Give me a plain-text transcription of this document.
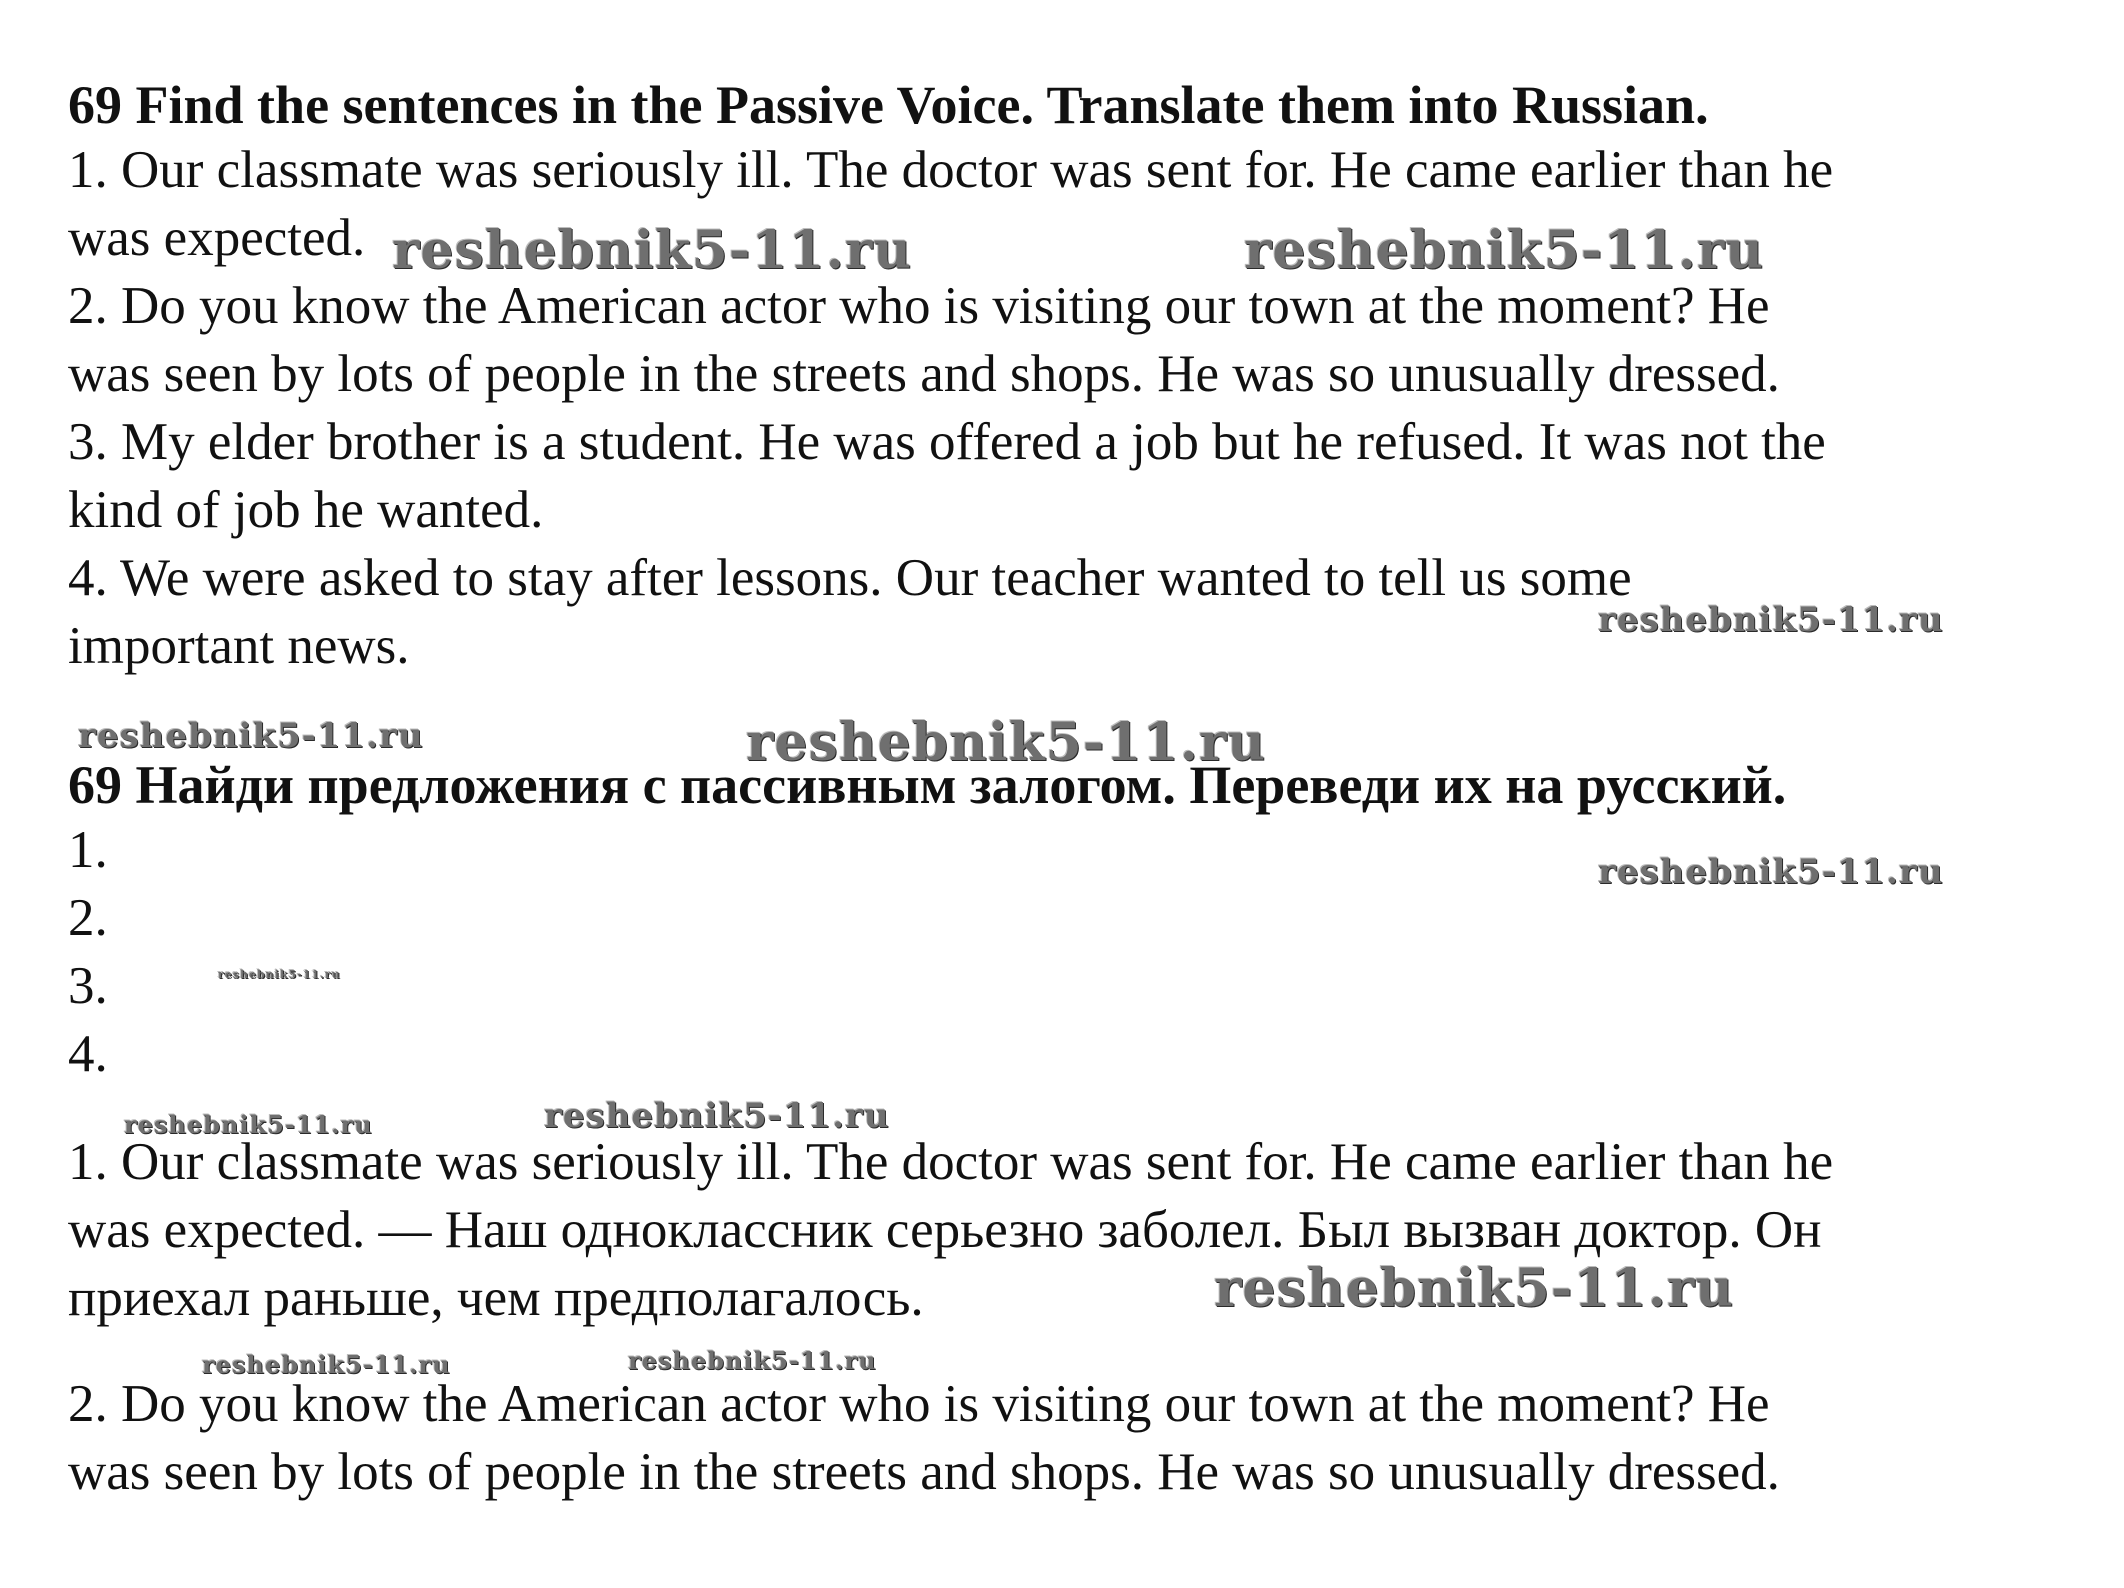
69 Find the sentences in the Passive Voice. Translate them into Russian.
1. Our classmate was seriously ill. The doctor was sent for. He came earlier than he
was expected.
2. Do you know the American actor who is visiting our town at the moment? He
was seen by lots of people in the streets and shops. He was so unusually dressed.
3. My elder brother is a student. He was offered a job but he refused. It was not the
kind of job he wanted.
4. We were asked to stay after lessons. Our teacher wanted to tell us some
important news.
69 Найди предложения с пассивным залогом. Переведи их на русский.
1.
2.
3.
4.
1. Our classmate was seriously ill. The doctor was sent for. He came earlier than he
was expected. — Наш одноклассник серьезно заболел. Был вызван доктор. Он
приехал раньше, чем предполагалось.
2. Do you know the American actor who is visiting our town at the moment? He
was seen by lots of people in the streets and shops. He was so unusually dressed.
reshebnik5-11.ru	reshebnik5-11.ru
reshebnik5-11.ru
reshebnik5-11.ru	reshebnik5-11.ru
reshebnik5-11.ru
reshebnik5-11.ru
reshebnik5-11.ru	reshebnik5-11.ru
reshebnik5-11.ru
reshebnik5-11.ru	reshebnik5-11.ru
